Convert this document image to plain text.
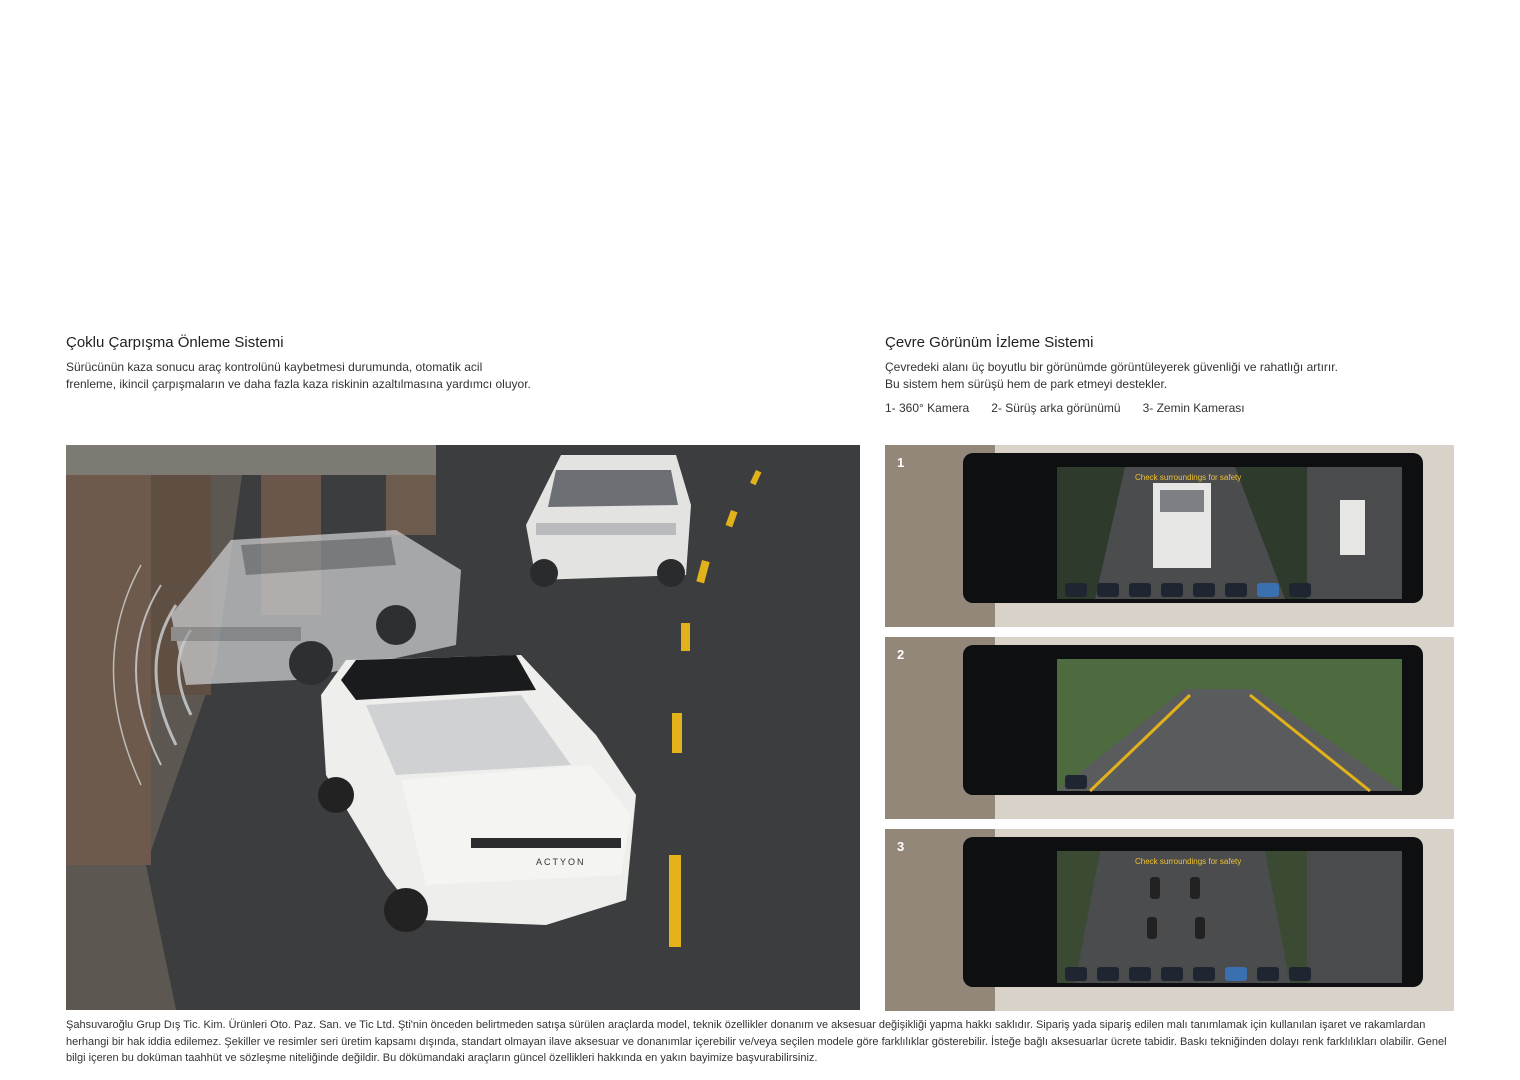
Çoklu Çarpışma Önleme Sistemi
Sürücünün kaza sonucu araç kontrolünü kaybetmesi durumunda, otomatik acil
frenleme, ikincil çarpışmaların ve daha fazla kaza riskinin azaltılmasına yardımcı oluyor.
Çevre Görünüm İzleme Sistemi
Çevredeki alanı üç boyutlu bir görünümde görüntüleyerek güvenliği ve rahatlığı artırır.
Bu sistem hem sürüşü hem de park etmeyi destekler.
1- 360° Kamera 2- Sürüş arka görünümü 3- Zemin Kamerası
ACTYON
Check surroundings for safety
1
2
Check surroundings for safety
3
Şahsuvaroğlu Grup Dış Tic. Kim. Ürünleri Oto. Paz. San. ve Tic Ltd. Şti'nin önceden belirtmeden satışa sürülen araçlarda model, teknik özellikler donanım ve aksesuar değişikliği yapma hakkı saklıdır. Sipariş yada sipariş edilen malı tanımlamak için kullanılan işaret ve rakamlardan herhangi bir hak iddia edilemez. Şekiller ve resimler seri üretim kapsamı dışında, standart olmayan ilave aksesuar ve donanımlar içerebilir ve/veya seçilen modele göre farklılıklar gösterebilir. İsteğe bağlı aksesuarlar ücrete tabidir. Baskı tekniğinden dolayı renk farklılıkları olabilir. Genel bilgi içeren bu doküman taahhüt ve sözleşme niteliğinde değildir. Bu dökümandaki araçların güncel özellikleri hakkında en yakın bayimize başvurabilirsiniz.
